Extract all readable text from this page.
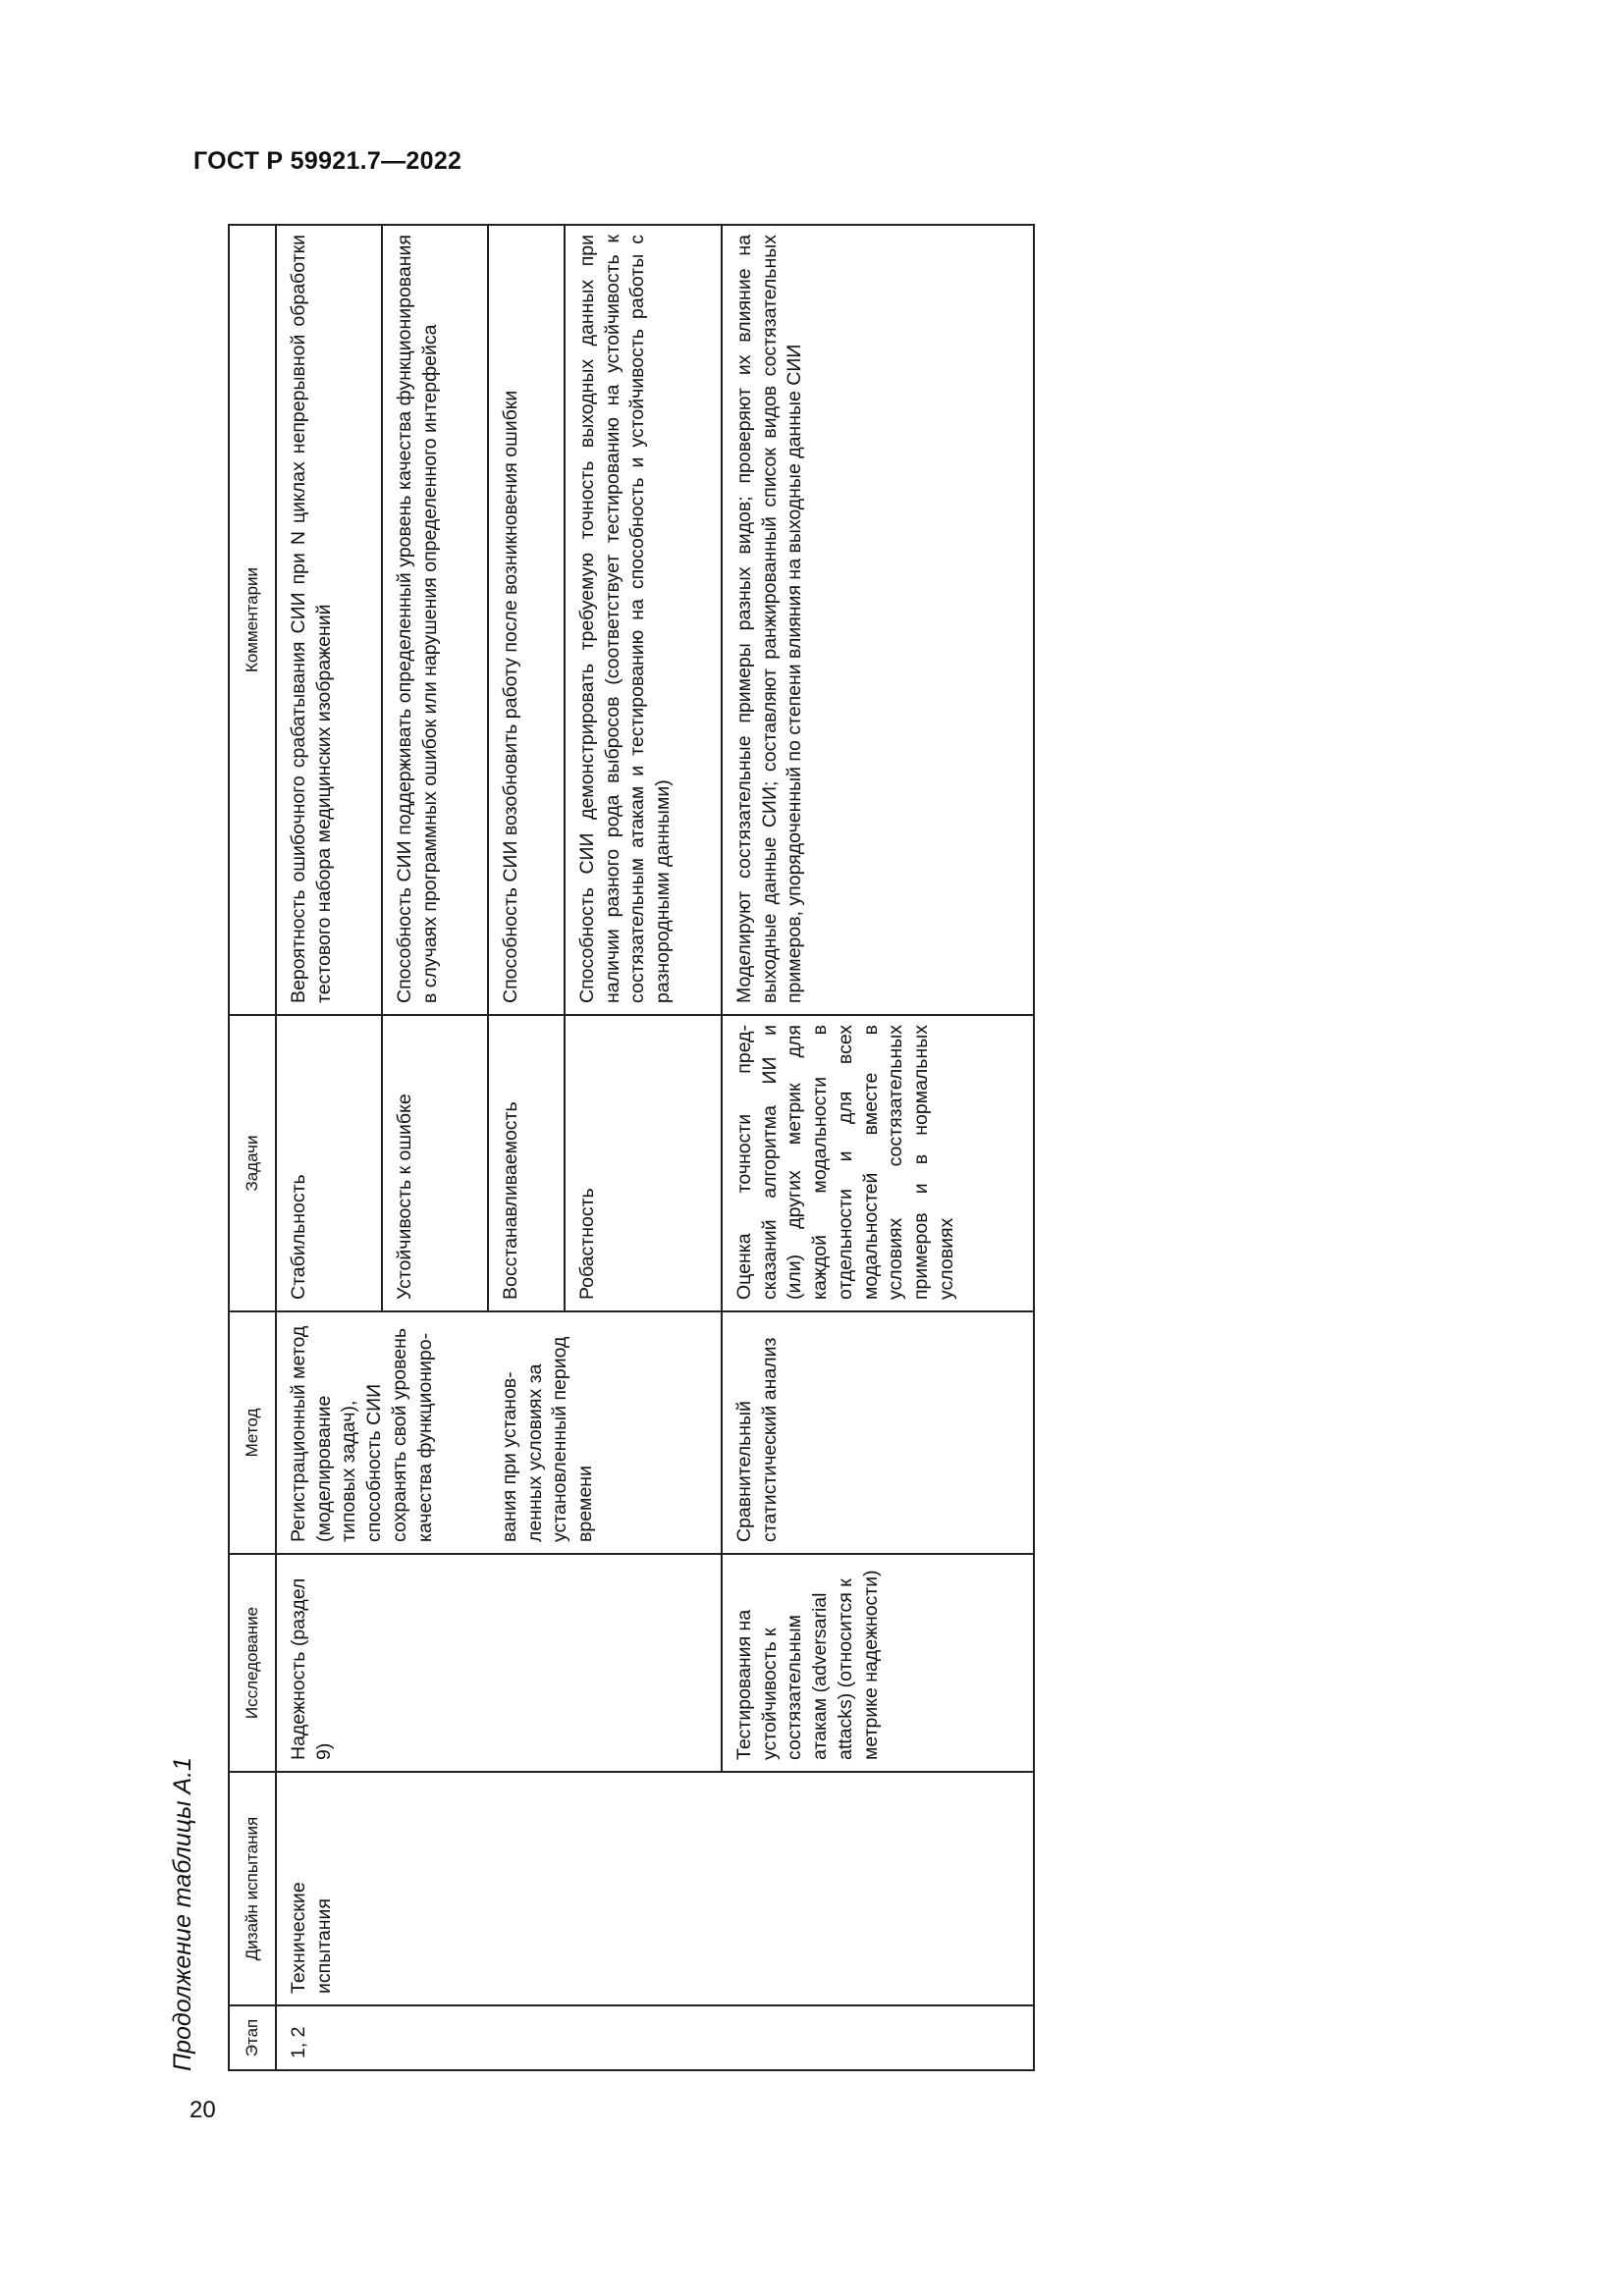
ГОСТ Р 59921.7—2022
Продолжение таблицы А.1	Этап	Дизайн испытания	Исследование	Метод	Задачи	Комментарии
1, 2	Технические испытания	Надежность (раздел 9)	Регистрационный метод (моделирование типовых задач), способность СИИ сохранять свой уровень качества функциониро-	Стабильность	Вероятность ошибочного срабатывания СИИ при N циклах непрерывной обработки тестового набора медицинских изображений
				Устойчивость к ошибке	Способность СИИ поддерживать определенный уровень качества функционирования в случаях программных ошибок или нарушения определенного интерфейса
			вания при установленных условиях за установленный период времени	Восстанавливаемость	Способность СИИ возобновить работу после возникновения ошибки
				Робастность	Способность СИИ демонстрировать требуемую точность выходных данных при наличии разного рода выбросов (соответствует тестированию на устойчивость к состязательным атакам и тестированию на способность и устойчивость работы с разнородными данными)
		Тестирования на устойчивость к состязательным атакам (adversarial attacks) (относится к метрике надежности)	Сравнительный статистический анализ	Оценка точности предсказаний алгоритма ИИ и (или) других метрик для каждой модальности в отдельности и для всех модальностей вместе в условиях состязательных примеров и в нормальных условиях	Моделируют состязательные примеры разных видов; проверяют их влияние на выходные данные СИИ; составляют ранжированный список видов состязательных примеров, упорядоченный по степени влияния на выходные данные СИИ
20
